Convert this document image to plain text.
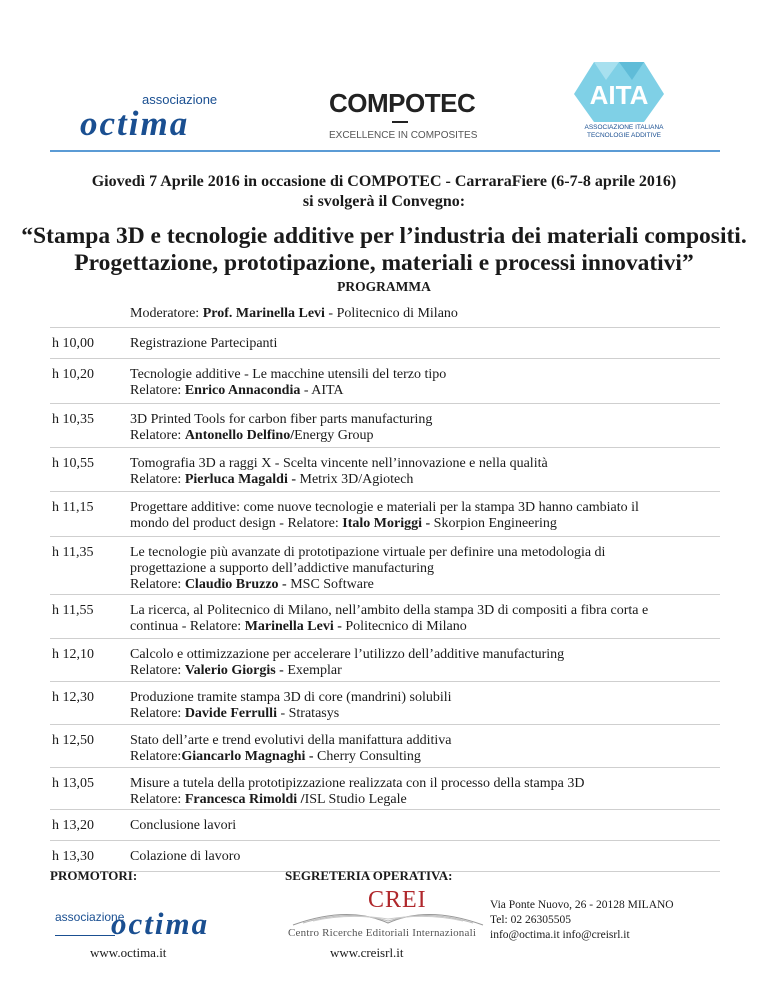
associazione
octima
COMPOTEC
EXCELLENCE IN COMPOSITES
AITA
ASSOCIAZIONE ITALIANA
TECNOLOGIE ADDITIVE
Giovedì 7 Aprile 2016 in occasione di COMPOTEC - CarraraFiere (6-7-8 aprile 2016)
si svolgerà il Convegno:
“Stampa 3D e tecnologie additive per l’industria dei materiali compositi.
Progettazione, prototipazione, materiali e processi innovativi”
PROGRAMMA
Moderatore: Prof. Marinella Levi - Politecnico di Milano
h 10,00	Registrazione Partecipanti
h 10,20	Tecnologie additive - Le macchine utensili del terzo tipo
Relatore: Enrico Annacondia - AITA
h 10,35	3D Printed Tools for carbon fiber parts manufacturing
Relatore: Antonello Delfino/Energy Group
h 10,55	Tomografia 3D a raggi X - Scelta vincente nell’innovazione e nella qualità
Relatore: Pierluca Magaldi - Metrix 3D/Agiotech
h 11,15	Progettare additive: come nuove tecnologie e materiali per la stampa 3D hanno cambiato il
mondo del product design - Relatore: Italo Moriggi - Skorpion Engineering
h 11,35	Le tecnologie più avanzate di prototipazione virtuale per definire una metodologia di
progettazione a supporto dell’addictive manufacturing
Relatore: Claudio Bruzzo - MSC Software
h 11,55	La ricerca, al Politecnico di Milano, nell’ambito della stampa 3D di compositi a fibra corta e
continua - Relatore: Marinella Levi - Politecnico di Milano
h 12,10	Calcolo e ottimizzazione per accelerare l’utilizzo dell’additive manufacturing
Relatore: Valerio Giorgis - Exemplar
h 12,30	Produzione tramite stampa 3D di core (mandrini) solubili
Relatore: Davide Ferrulli - Stratasys
h 12,50	Stato dell’arte e trend evolutivi della manifattura additiva
Relatore:Giancarlo Magnaghi - Cherry Consulting
h 13,05	Misure a tutela della prototipizzazione realizzata con il processo della stampa 3D
Relatore: Francesca Rimoldi /ISL Studio Legale
h 13,20	Conclusione lavori
h 13,30	Colazione di lavoro
PROMOTORI:	SEGRETERIA OPERATIVA:
associazione
octima
www.octima.it
CREI
Centro Ricerche Editoriali Internazionali
www.creisrl.it
Via Ponte Nuovo, 26 - 20128 MILANO
Tel: 02 26305505
info@octima.it info@creisrl.it
